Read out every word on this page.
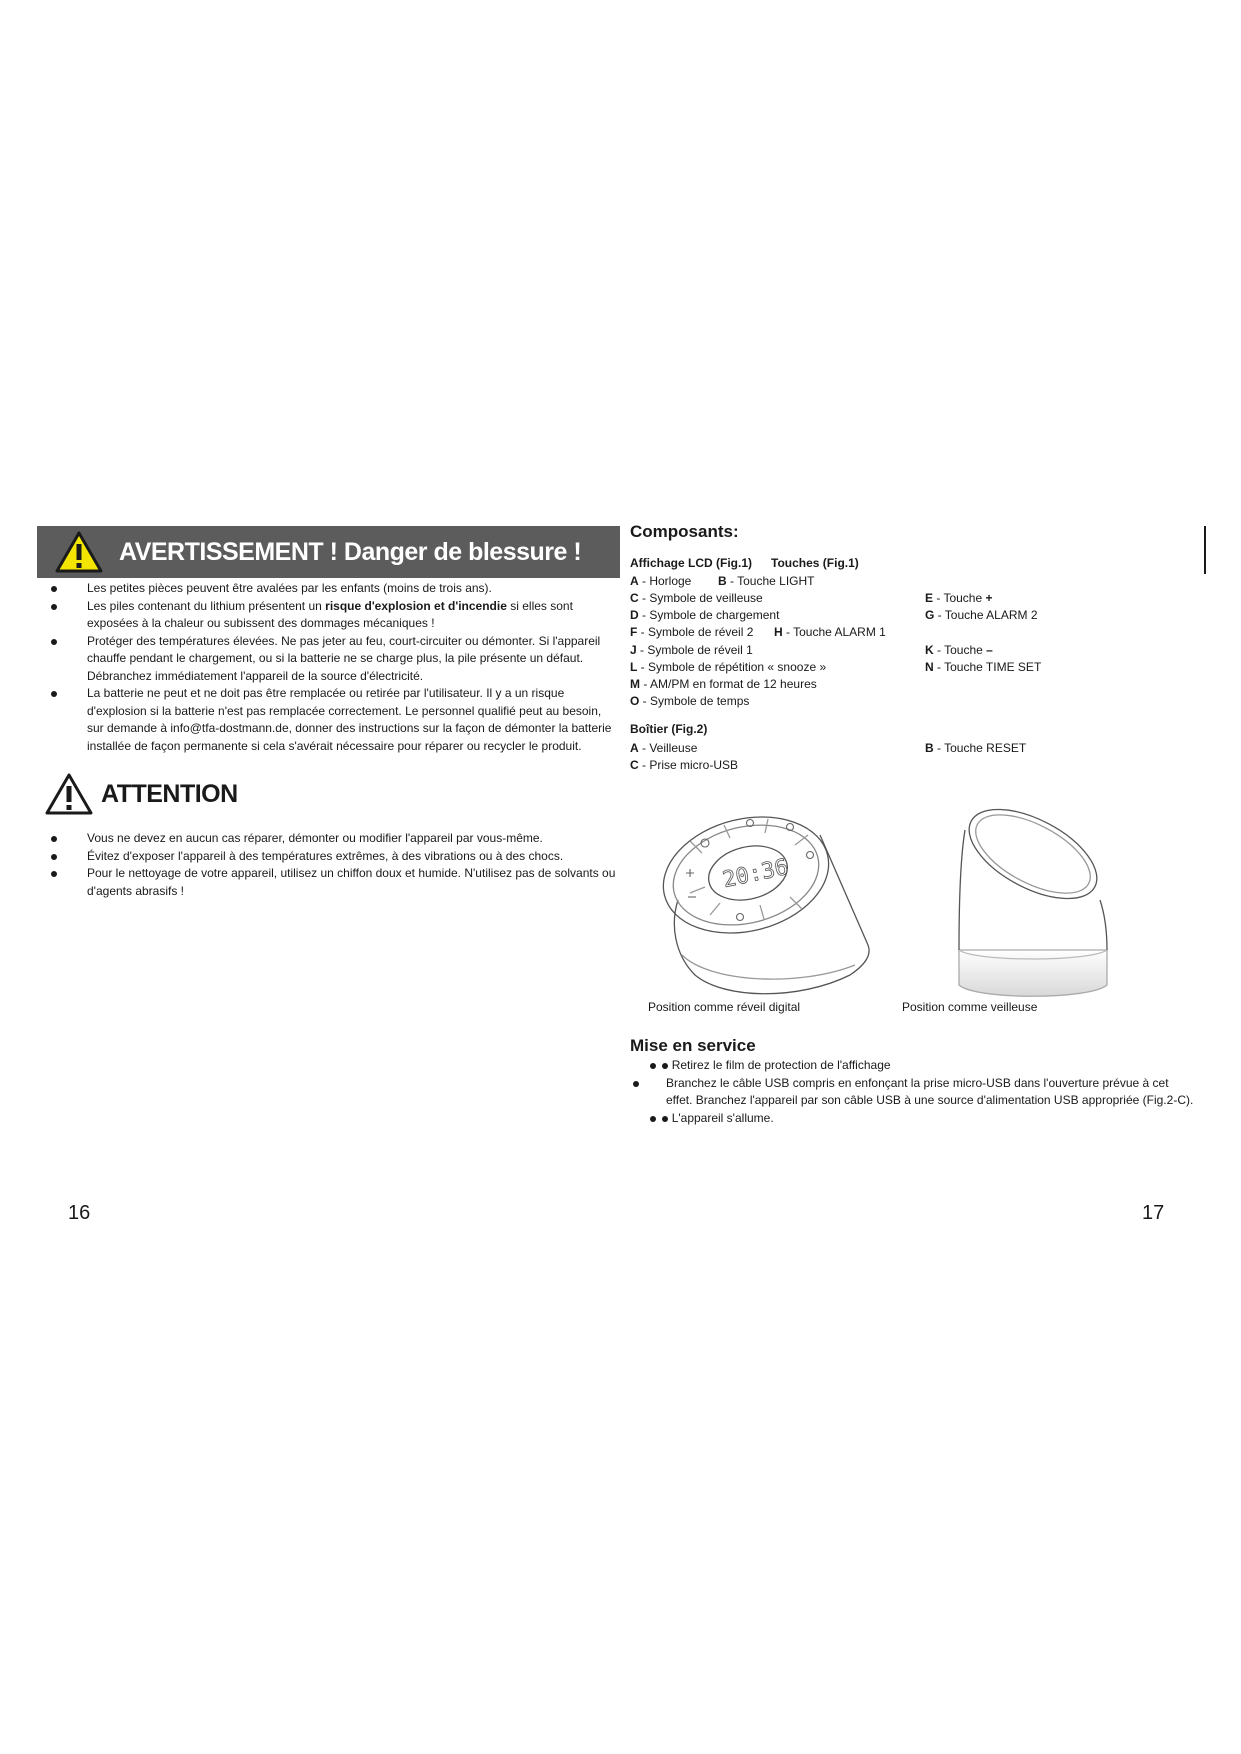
AVERTISSEMENT ! Danger de blessure !
Les petites pièces peuvent être avalées par les enfants (moins de trois ans).
Les piles contenant du lithium présentent un risque d'explosion et d'incendie si elles sont exposées à la chaleur ou subissent des dommages mécaniques !
Protéger des températures élevées. Ne pas jeter au feu, court-circuiter ou démonter. Si l'appareil chauffe pendant le chargement, ou si la batterie ne se charge plus, la pile présente un défaut. Débranchez immédiatement l'appareil de la source d'électricité.
La batterie ne peut et ne doit pas être remplacée ou retirée par l'utilisateur. Il y a un risque d'explosion si la batterie n'est pas remplacée correctement. Le personnel qualifié peut au besoin, sur demande à info@tfa-dostmann.de, donner des instructions sur la façon de démonter la batterie installée de façon permanente si cela s'avérait nécessaire pour réparer ou recycler le produit.
ATTENTION
Vous ne devez en aucun cas réparer, démonter ou modifier l'appareil par vous-même.
Évitez d'exposer l'appareil à des températures extrêmes, à des vibrations ou à des chocs.
Pour le nettoyage de votre appareil, utilisez un chiffon doux et humide. N'utilisez pas de solvants ou d'agents abrasifs !
16
Composants:
Affichage LCD (Fig.1) Touches (Fig.1)
A - Horloge B - Touche LIGHT
C - Symbole de veilleuse	E - Touche +
D - Symbole de chargement	G - Touche ALARM 2
F - Symbole de réveil 2 H - Touche ALARM 1
J - Symbole de réveil 1	K - Touche –
L - Symbole de répétition « snooze »	N - Touche TIME SET
M - AM/PM en format de 12 heures
O - Symbole de temps
Boîtier (Fig.2)
A - Veilleuse	B - Touche RESET
C - Prise micro-USB
20:36
Position comme réveil digital	Position comme veilleuse
Mise en service
Retirez le film de protection de l'affichage
Branchez le câble USB compris en enfonçant la prise micro-USB dans l'ouverture prévue à cet
effet. Branchez l'appareil par son câble USB à une source d'alimentation USB appropriée (Fig.2-C).
L'appareil s'allume.
17
